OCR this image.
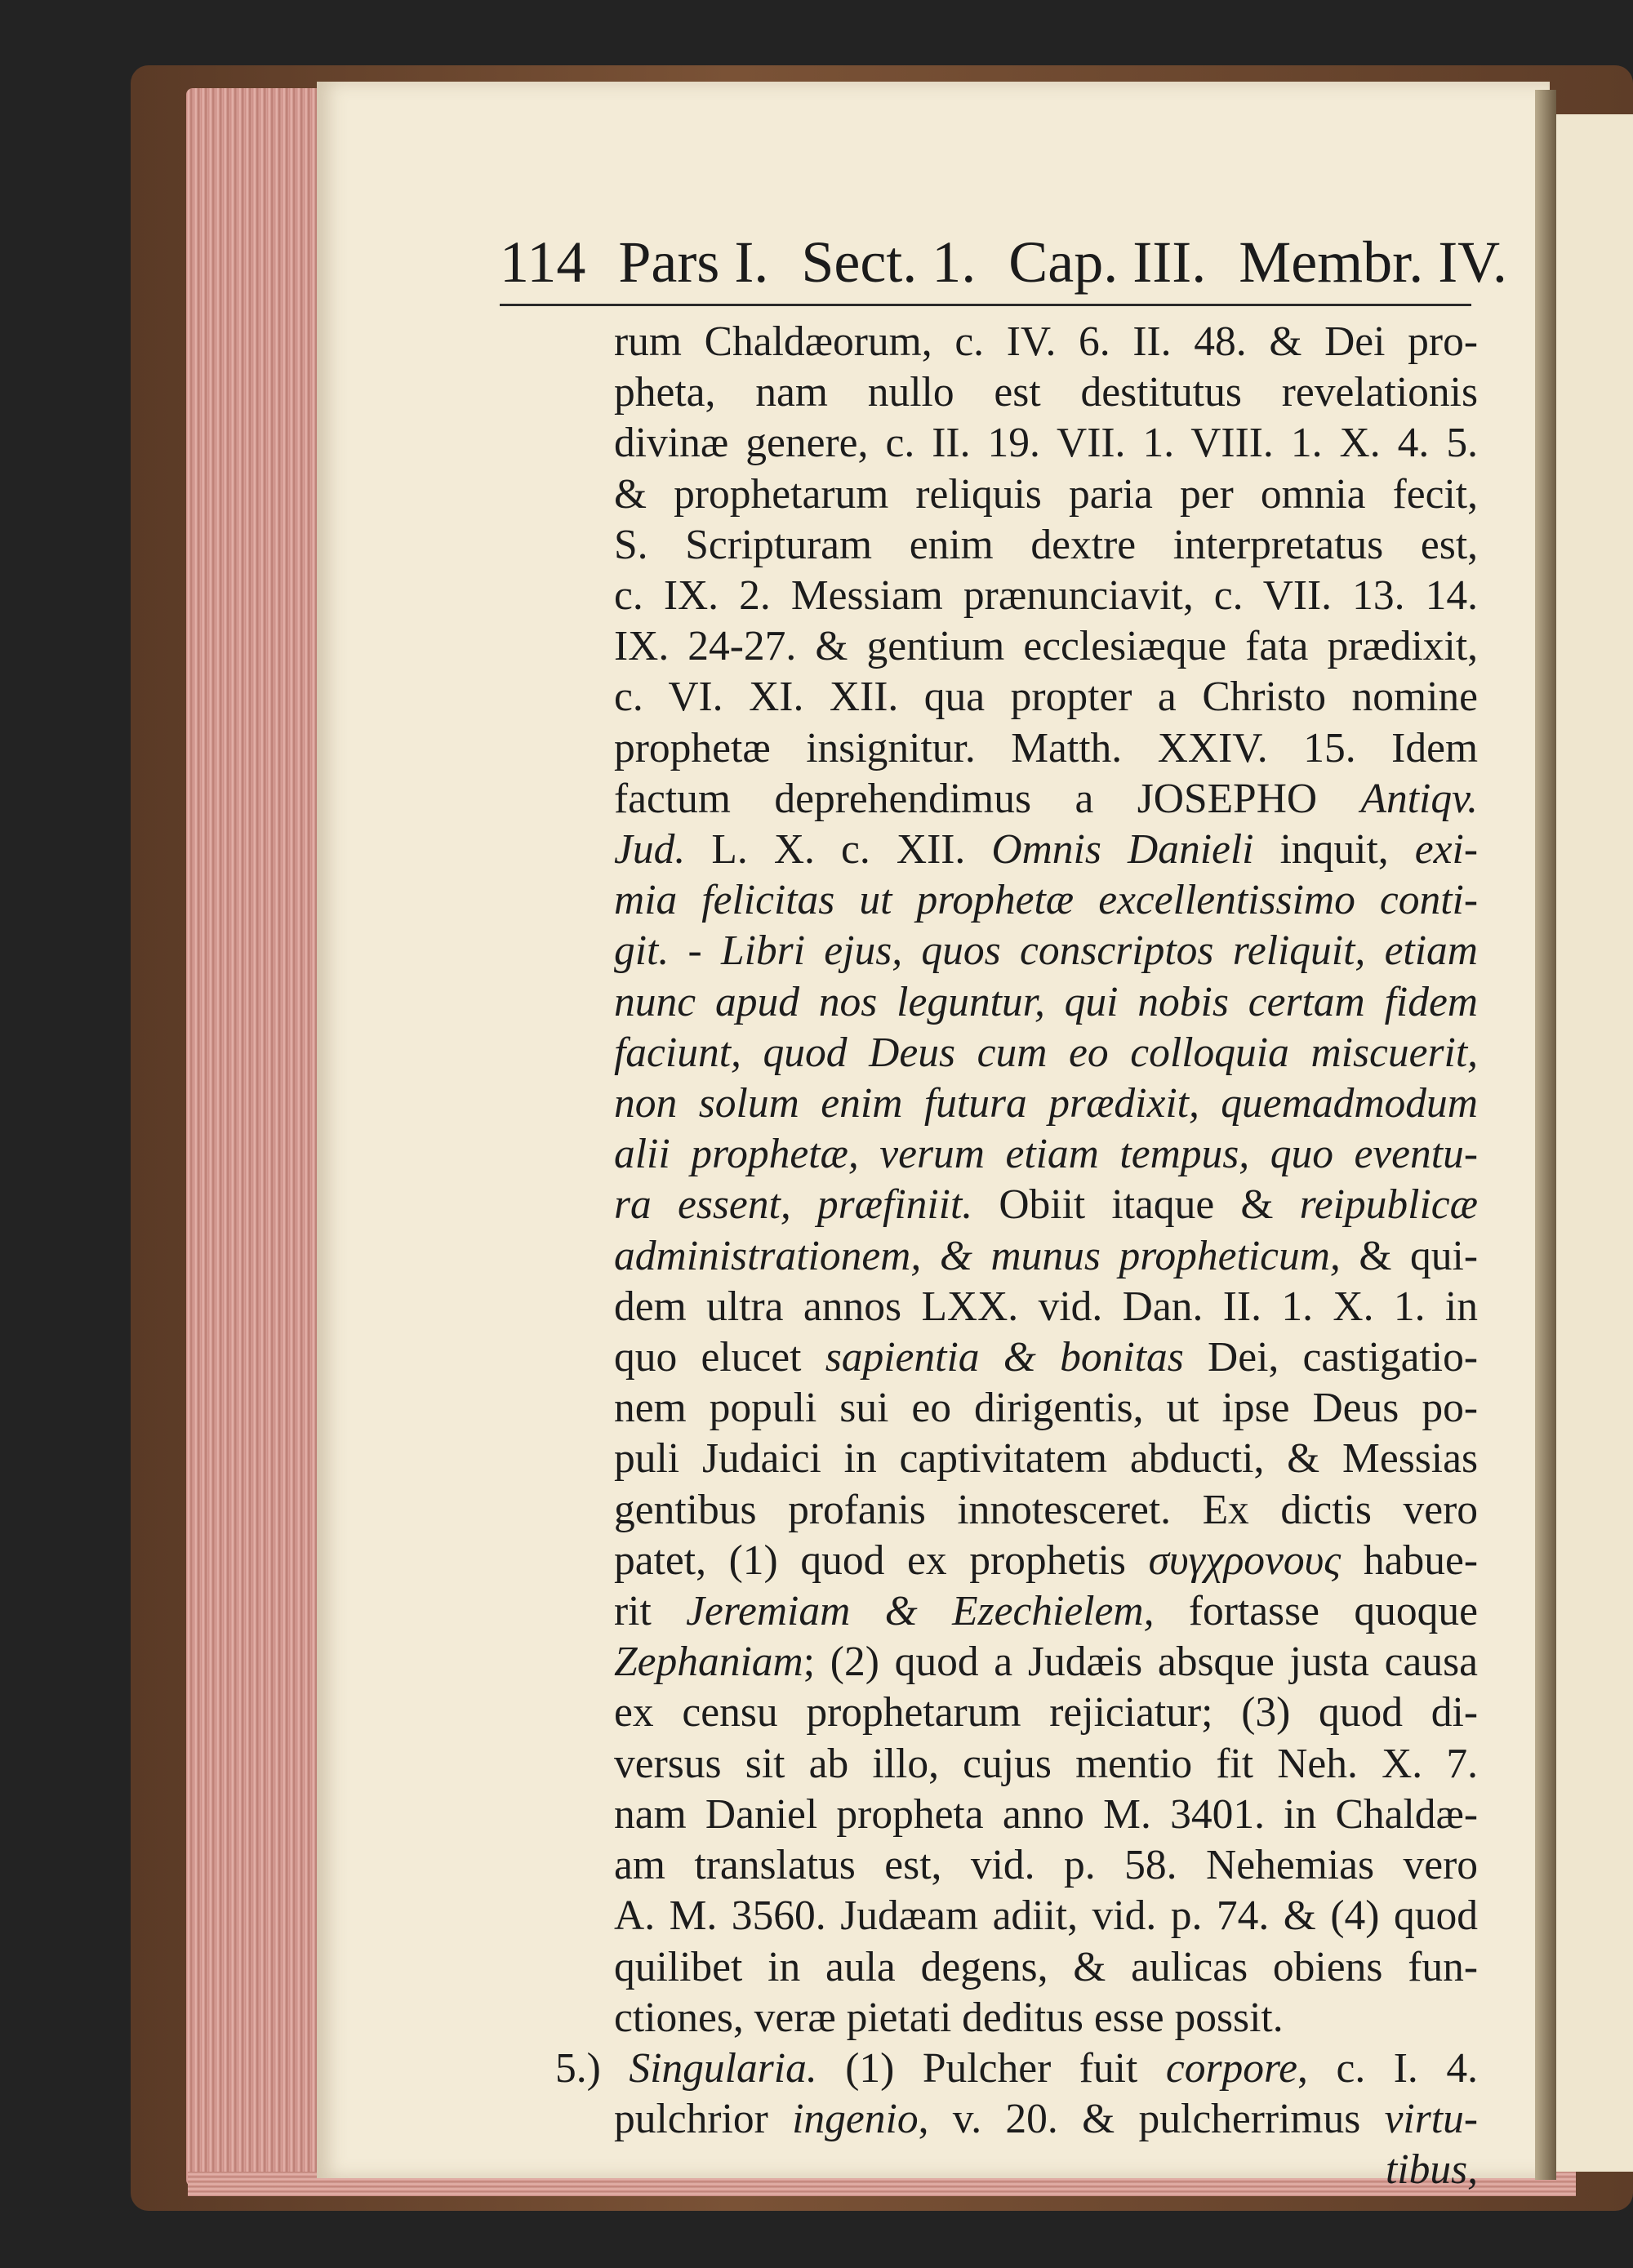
114 Pars I. Sect. 1. Cap. III. Membr. IV.
rum Chaldæorum, c. IV. 6. II. 48. & Dei pro-
pheta, nam nullo est destitutus revelationis
divinæ genere, c. II. 19. VII. 1. VIII. 1. X. 4. 5.
& prophetarum reliquis paria per omnia fecit,
S. Scripturam enim dextre interpretatus est,
c. IX. 2. Messiam prænunciavit, c. VII. 13. 14.
IX. 24-27. & gentium ecclesiæque fata prædixit,
c. VI. XI. XII. qua propter a Christo nomine
prophetæ insignitur. Matth. XXIV. 15. Idem
factum deprehendimus a JOSEPHO Antiqv.
Jud. L. X. c. XII. Omnis Danieli inquit, exi-
mia felicitas ut prophetæ excellentissimo conti-
git. - Libri ejus, quos conscriptos reliquit, etiam
nunc apud nos leguntur, qui nobis certam fidem
faciunt, quod Deus cum eo colloquia miscuerit,
non solum enim futura prædixit, quemadmodum
alii prophetæ, verum etiam tempus, quo eventu-
ra essent, præfiniit. Obiit itaque & reipublicæ
administrationem, & munus propheticum, & qui-
dem ultra annos LXX. vid. Dan. II. 1. X. 1. in
quo elucet sapientia & bonitas Dei, castigatio-
nem populi sui eo dirigentis, ut ipse Deus po-
puli Judaici in captivitatem abducti, & Messias
gentibus profanis innotesceret. Ex dictis vero
patet, (1) quod ex prophetis συγχρονους habue-
rit Jeremiam & Ezechielem, fortasse quoque
Zephaniam; (2) quod a Judæis absque justa causa
ex censu prophetarum rejiciatur; (3) quod di-
versus sit ab illo, cujus mentio fit Neh. X. 7.
nam Daniel propheta anno M. 3401. in Chaldæ-
am translatus est, vid. p. 58. Nehemias vero
A. M. 3560. Judæam adiit, vid. p. 74. & (4) quod
quilibet in aula degens, & aulicas obiens fun-
ctiones, veræ pietati deditus esse possit.
5.) Singularia. (1) Pulcher fuit corpore, c. I. 4.
pulchrior ingenio, v. 20. & pulcherrimus virtu-
tibus,
